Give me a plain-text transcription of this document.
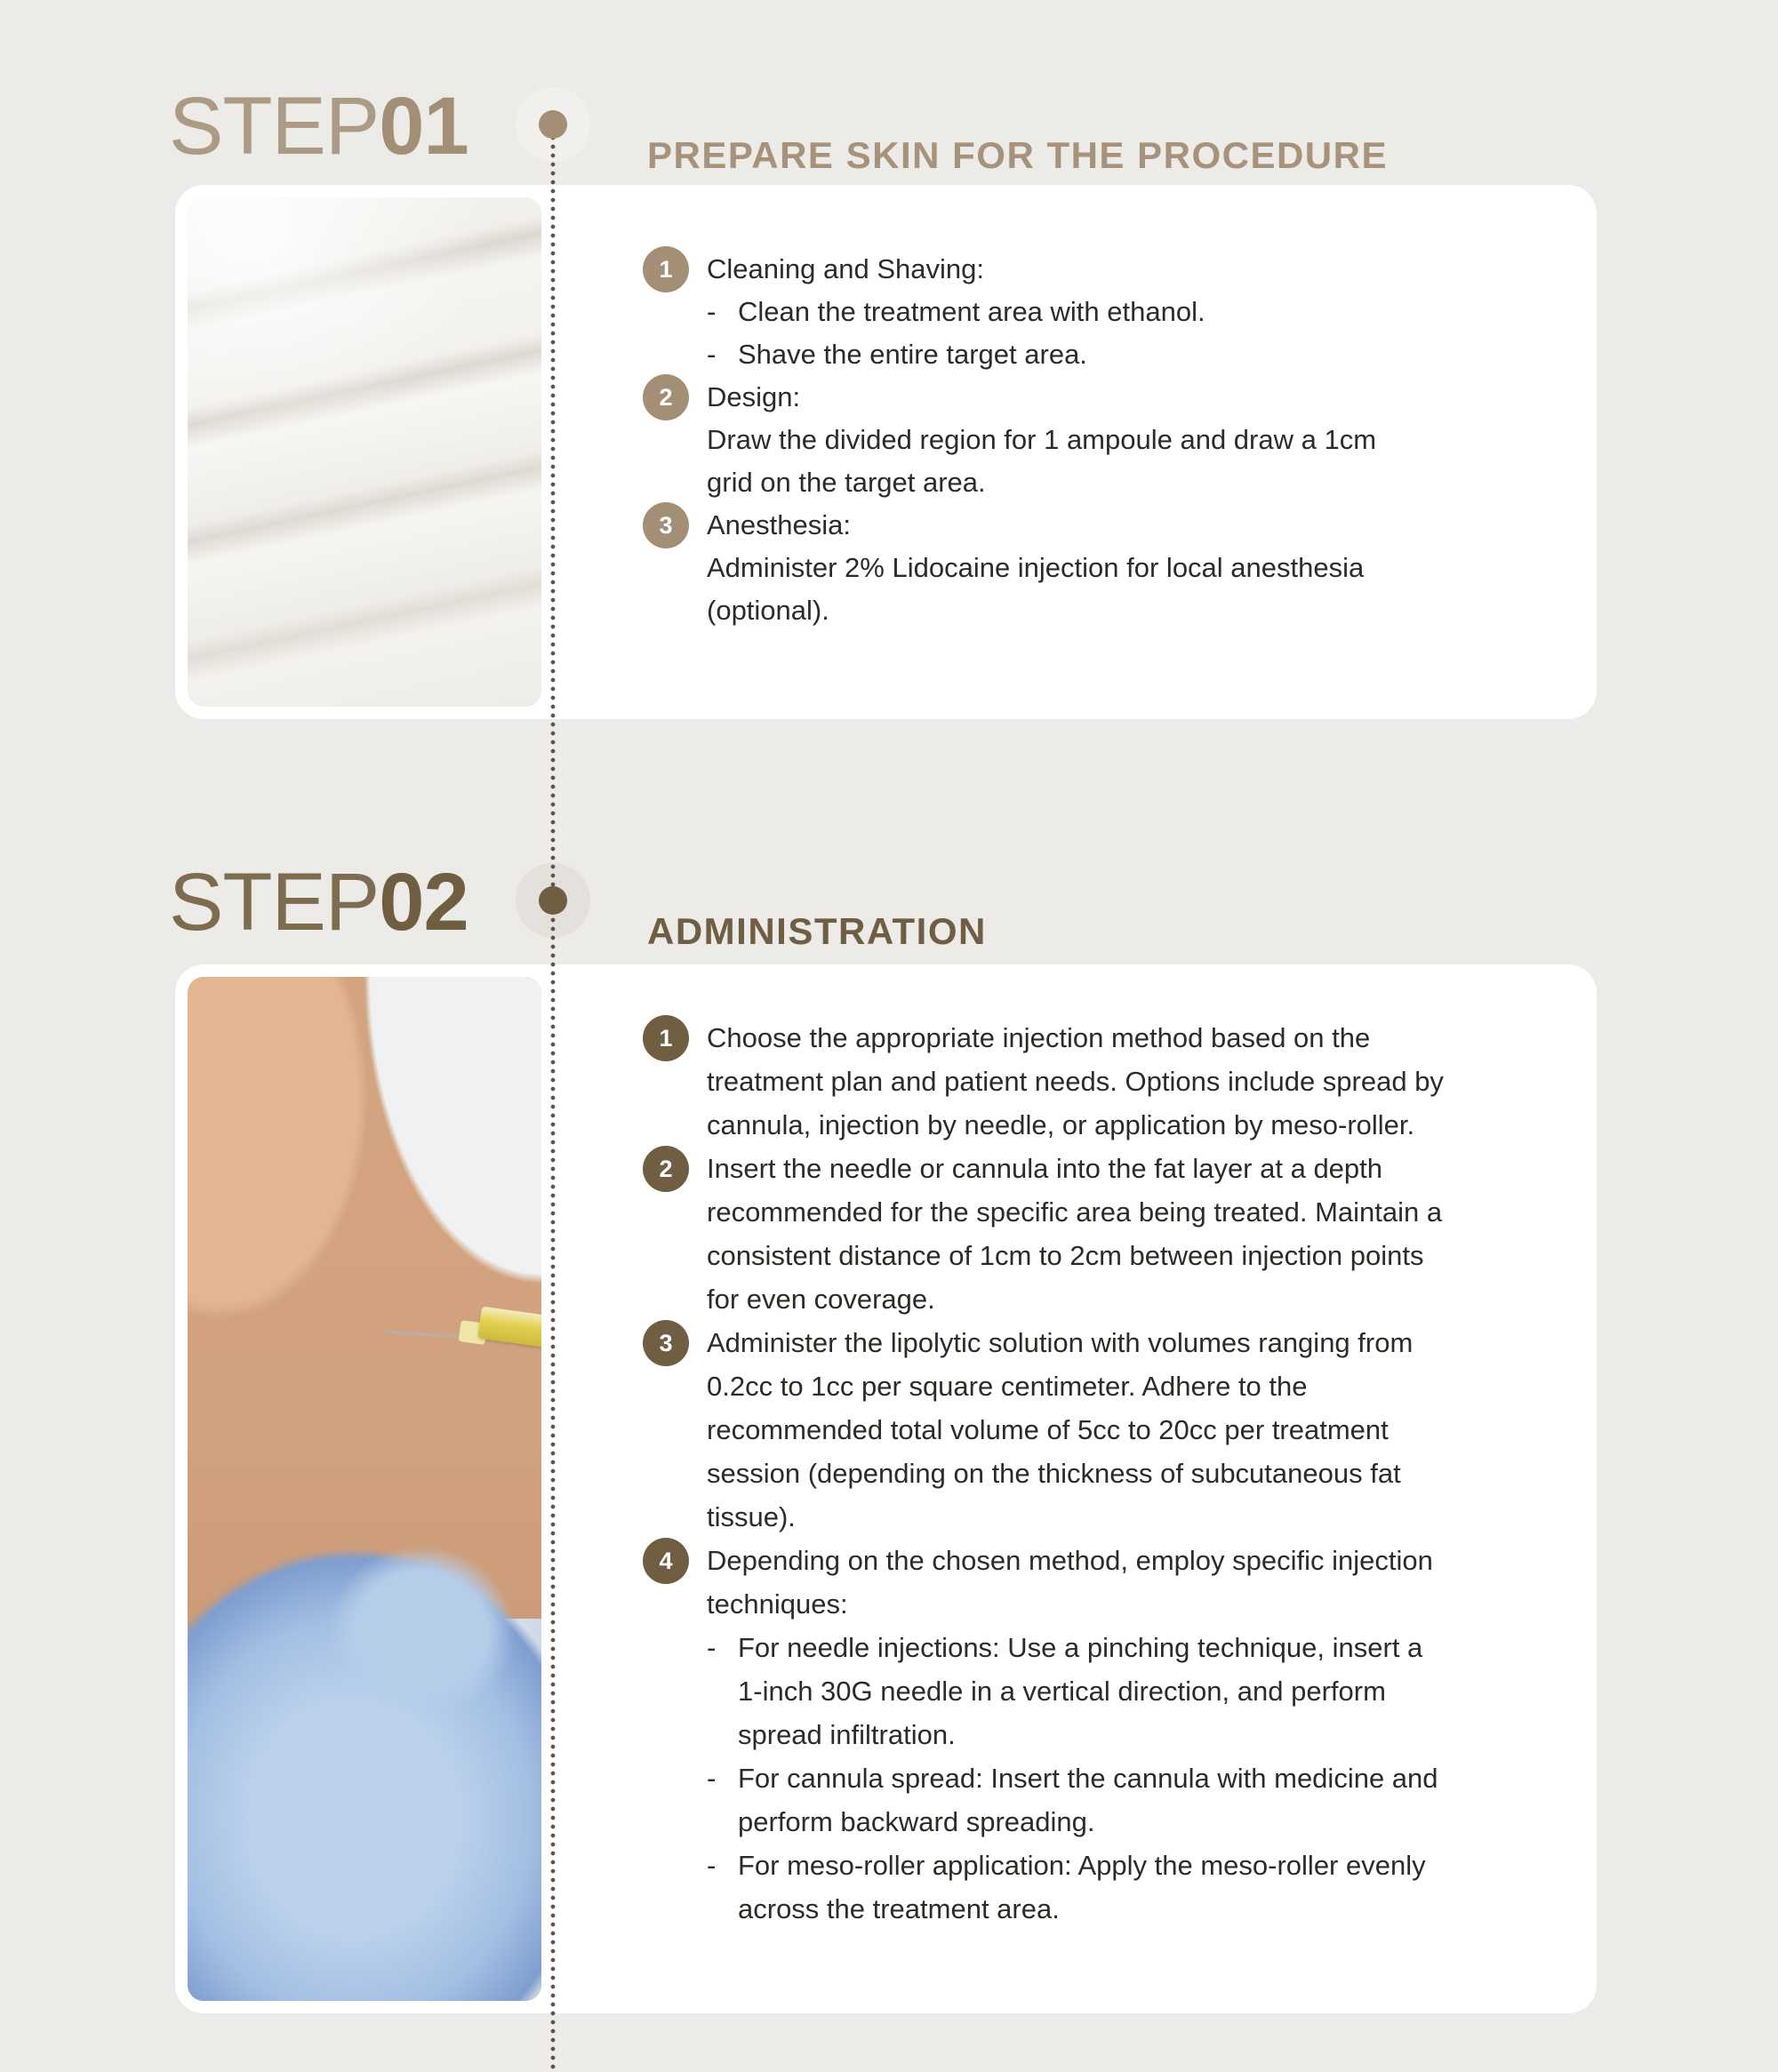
STEP01	PREPARE SKIN FOR THE PROCEDURE
1	Cleaning and Shaving:
- Clean the treatment area with ethanol.
- Shave the entire target area.
2	Design:
Draw the divided region for 1 ampoule and draw a 1cm
grid on the target area.
3	Anesthesia:
Administer 2% Lidocaine injection for local anesthesia
(optional).
STEP02	ADMINISTRATION
1	Choose the appropriate injection method based on the
treatment plan and patient needs. Options include spread by
cannula, injection by needle, or application by meso-roller.
2	Insert the needle or cannula into the fat layer at a depth
recommended for the specific area being treated. Maintain a
consistent distance of 1cm to 2cm between injection points
for even coverage.
3	Administer the lipolytic solution with volumes ranging from
0.2cc to 1cc per square centimeter. Adhere to the
recommended total volume of 5cc to 20cc per treatment
session (depending on the thickness of subcutaneous fat
tissue).
4	Depending on the chosen method, employ specific injection
techniques:
- For needle injections: Use a pinching technique, insert a
1-inch 30G needle in a vertical direction, and perform
spread infiltration.
- For cannula spread: Insert the cannula with medicine and
perform backward spreading.
- For meso-roller application: Apply the meso-roller evenly
across the treatment area.
